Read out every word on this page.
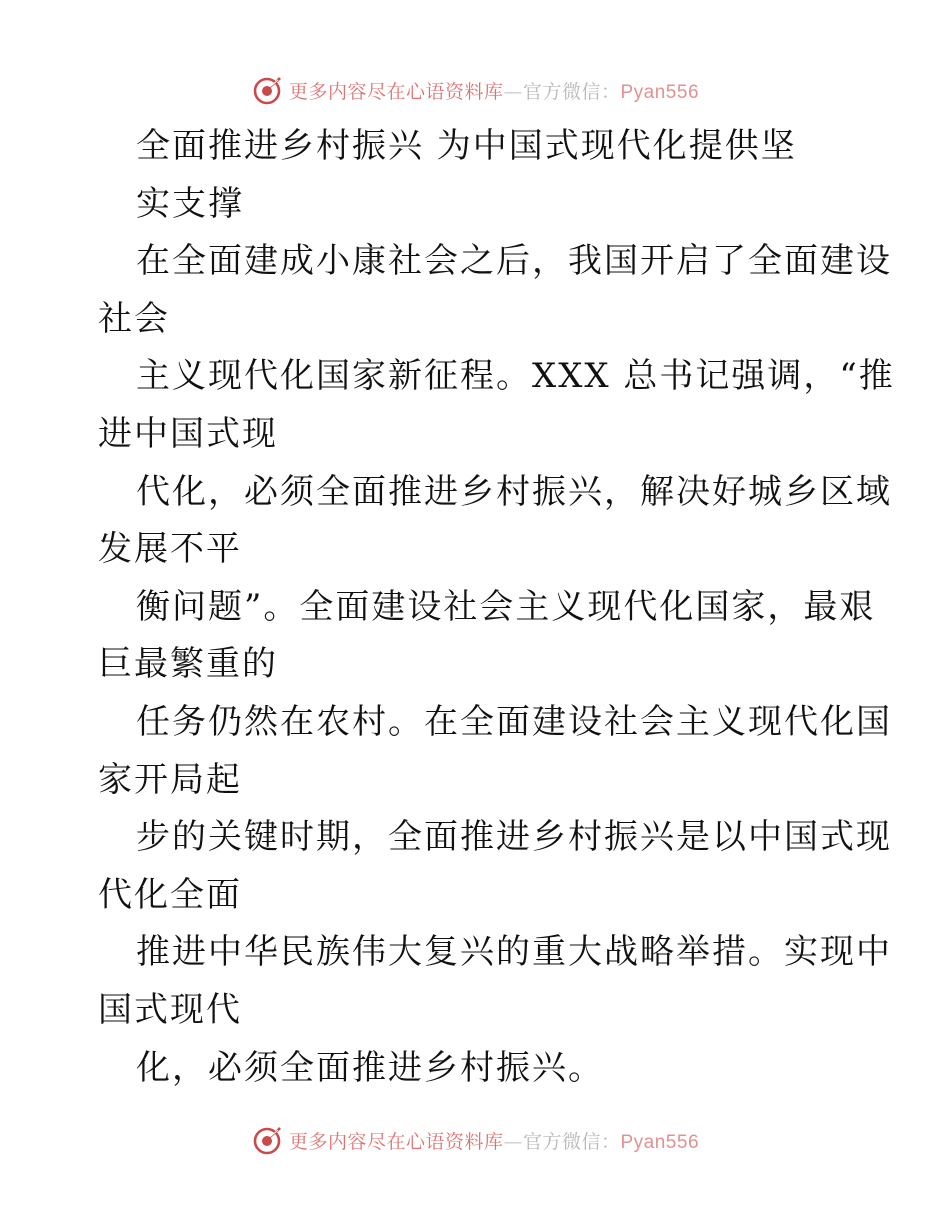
更多内容尽在心语资料库—官方微信：Pyan556
全面推进乡村振兴 为中国式现代化提供坚
实支撑
在全面建成小康社会之后，我国开启了全面建设
社会
主义现代化国家新征程。XXX 总书记强调，“推
进中国式现
代化，必须全面推进乡村振兴，解决好城乡区域
发展不平
衡问题”。全面建设社会主义现代化国家，最艰
巨最繁重的
任务仍然在农村。在全面建设社会主义现代化国
家开局起
步的关键时期，全面推进乡村振兴是以中国式现
代化全面
推进中华民族伟大复兴的重大战略举措。实现中
国式现代
化，必须全面推进乡村振兴。
更多内容尽在心语资料库—官方微信：Pyan556
